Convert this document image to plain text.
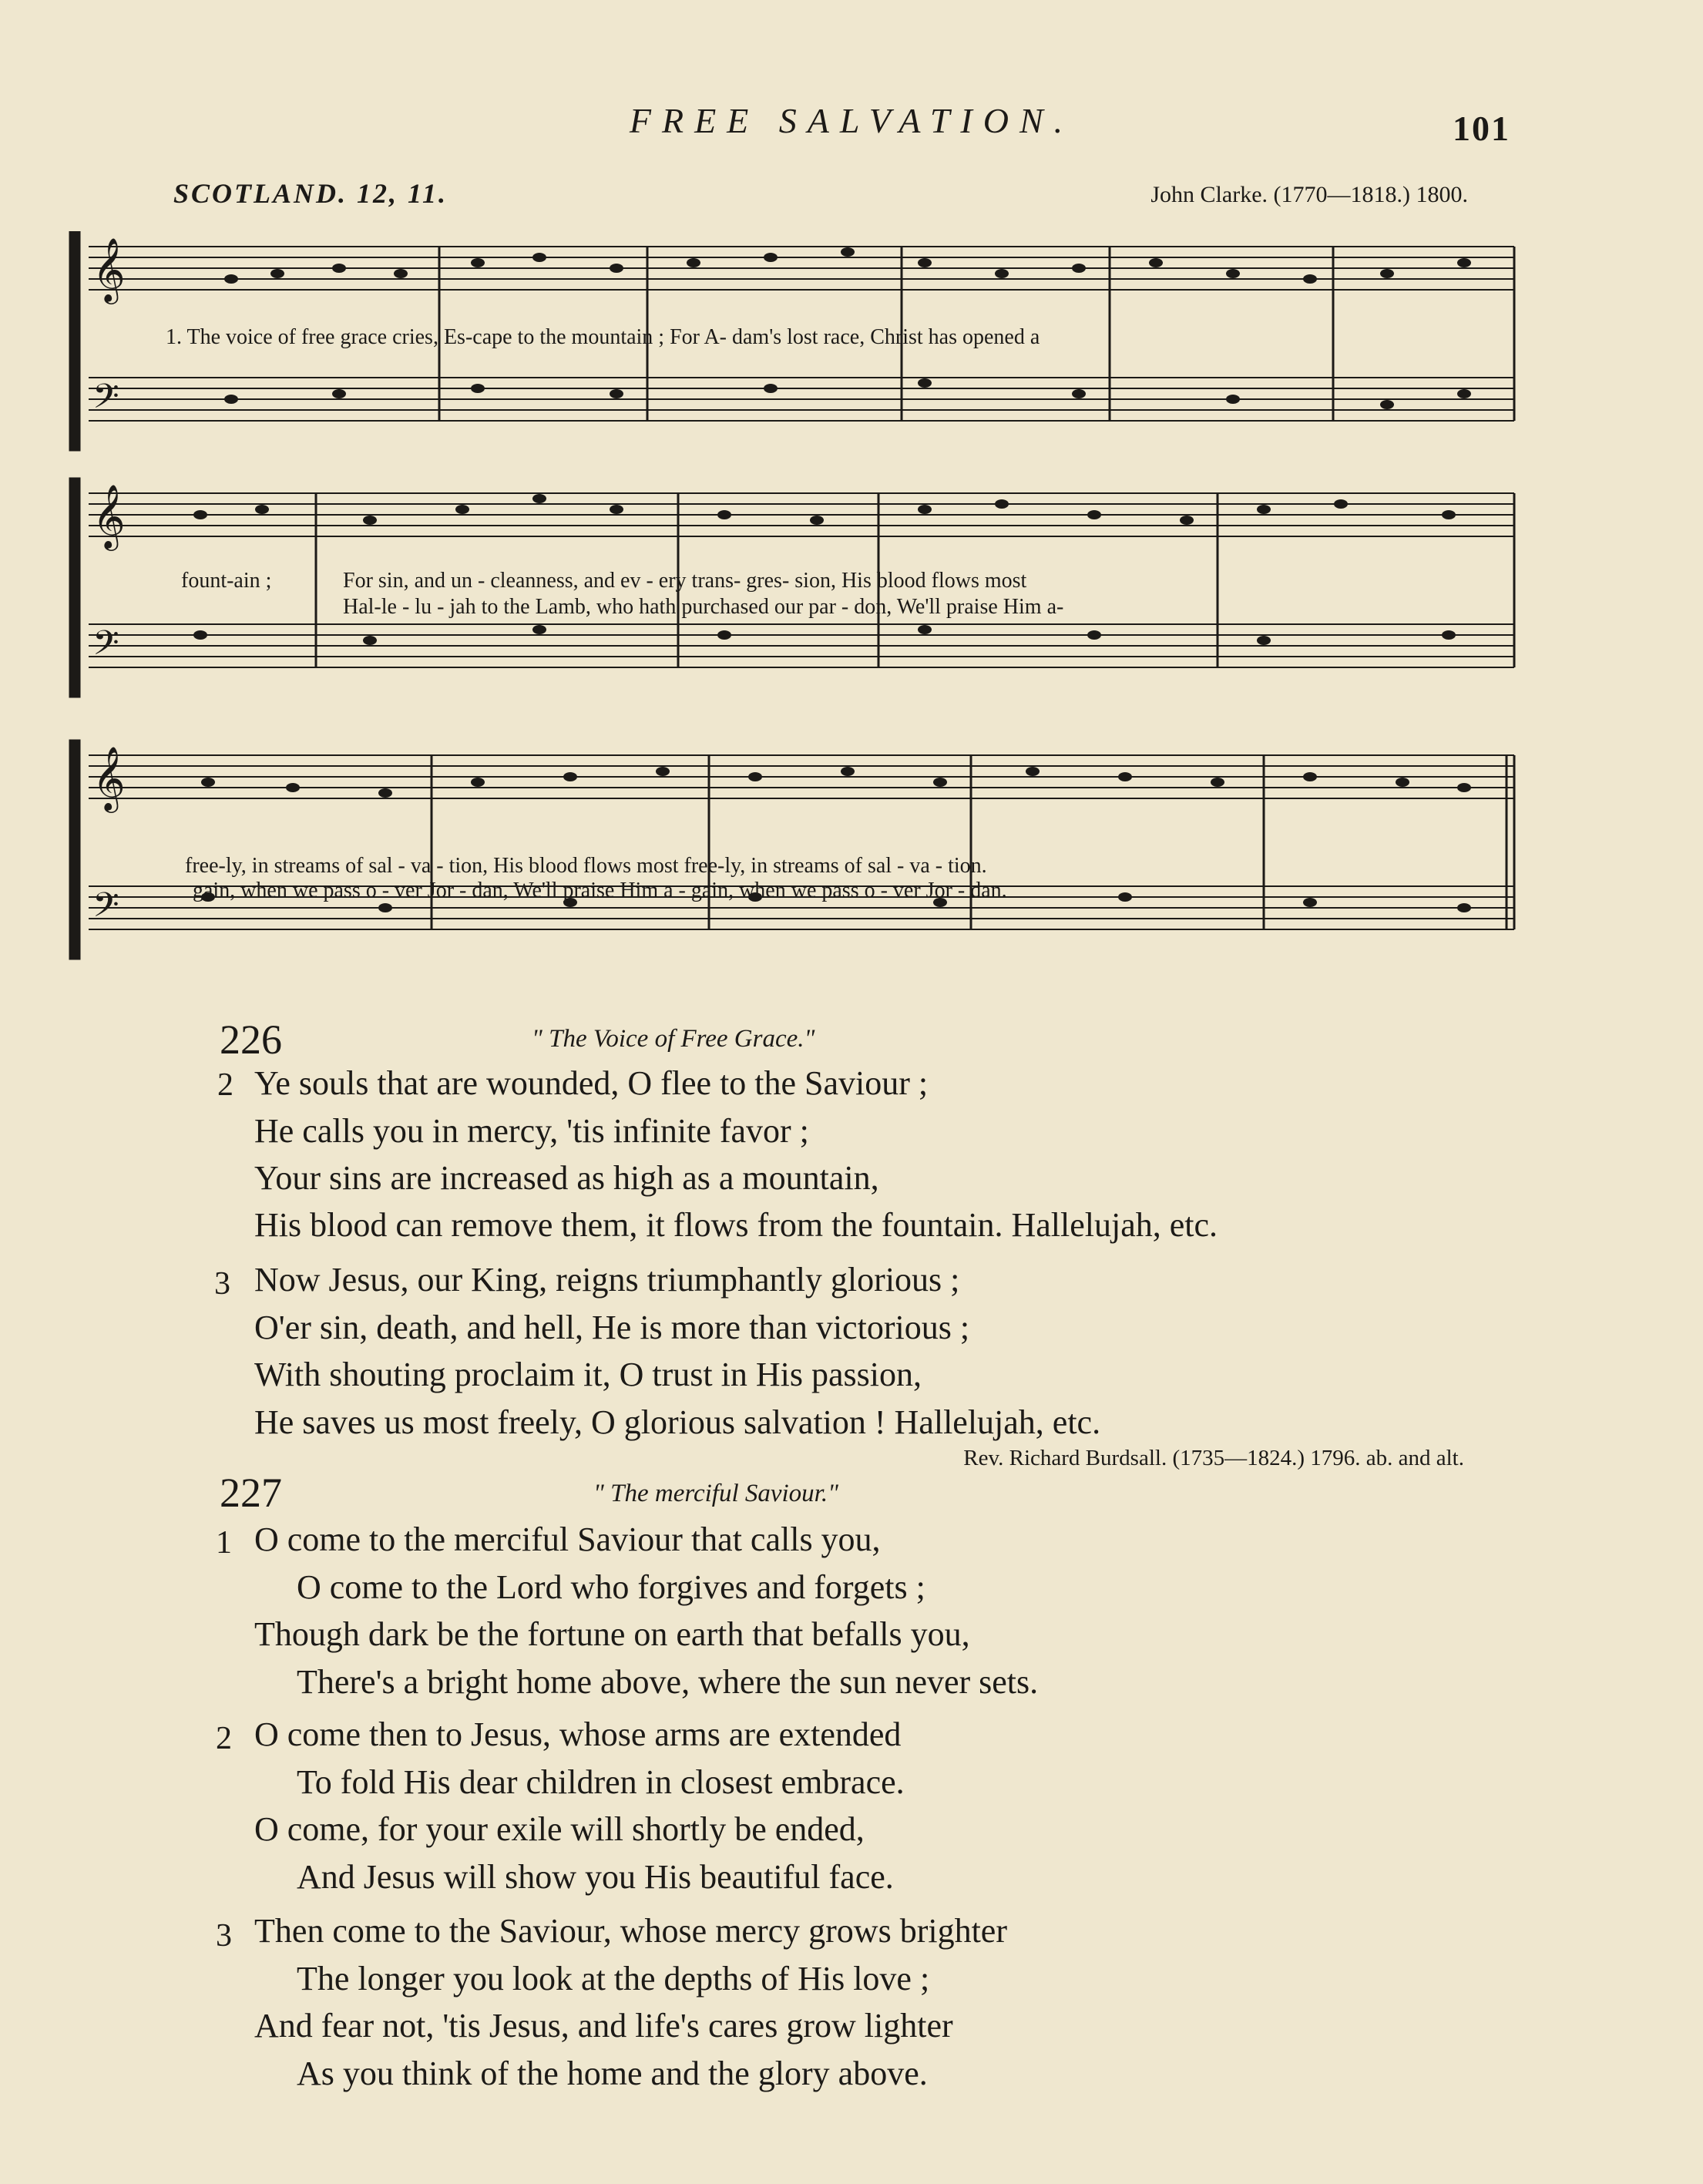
FREE SALVATION.	101
SCOTLAND. 12, 11.	John Clarke. (1770—1818.) 1800.
𝄞
𝄢
𝄞
𝄢
𝄞
𝄢
1. The voice of free grace cries, Es-cape to the mountain ; For A- dam's lost race, Christ has opened a
fount-ain ;	For sin, and un - cleanness, and ev - ery trans- gres- sion, His blood flows most
Hal-le - lu - jah to the Lamb, who hath purchased our par - don, We'll praise Him a-
free-ly, in streams of sal - va - tion, His blood flows most free-ly, in streams of sal - va - tion.
gain, when we pass o - ver Jor - dan, We'll praise Him a - gain, when we pass o - ver Jor - dan.
226	" The Voice of Free Grace."
2 Ye souls that are wounded, O flee to the Saviour ;
He calls you in mercy, 'tis infinite favor ;
Your sins are increased as high as a mountain,
His blood can remove them, it flows from the fountain. Hallelujah, etc.
3 Now Jesus, our King, reigns triumphantly glorious ;
O'er sin, death, and hell, He is more than victorious ;
With shouting proclaim it, O trust in His passion,
He saves us most freely, O glorious salvation ! Hallelujah, etc.
Rev. Richard Burdsall. (1735—1824.) 1796. ab. and alt.
227	" The merciful Saviour."
1 O come to the merciful Saviour that calls you,
O come to the Lord who forgives and forgets ;
Though dark be the fortune on earth that befalls you,
There's a bright home above, where the sun never sets.
2 O come then to Jesus, whose arms are extended
To fold His dear children in closest embrace.
O come, for your exile will shortly be ended,
And Jesus will show you His beautiful face.
3 Then come to the Saviour, whose mercy grows brighter
The longer you look at the depths of His love ;
And fear not, 'tis Jesus, and life's cares grow lighter
As you think of the home and the glory above.
